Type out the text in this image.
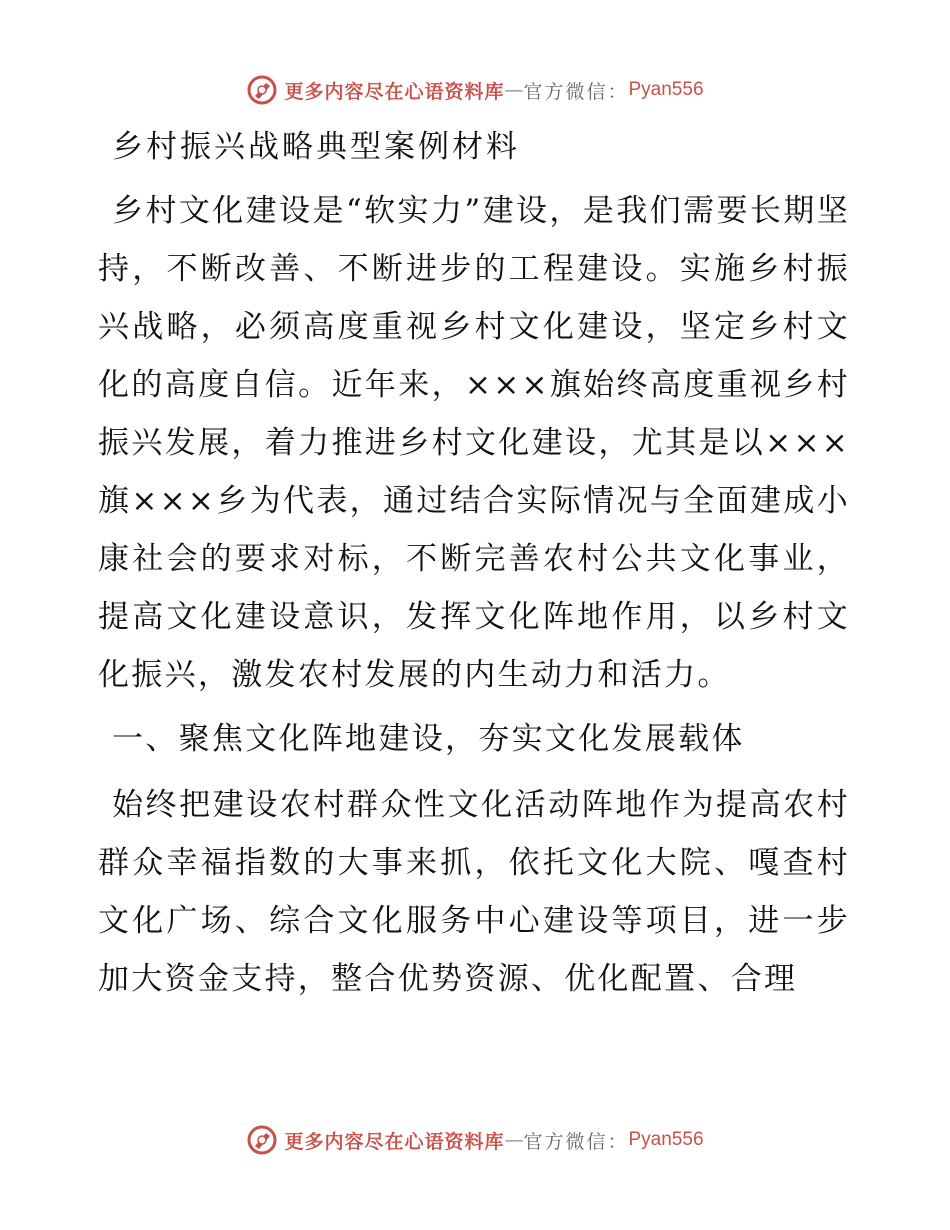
更多内容尽在心语资料库 — 官方微信： Pyan556
乡村振兴战略典型案例材料

乡村文化建设是“软实力”建设，是我们需要长期坚持，不断改善、不断进步的工程建设。实施乡村振兴战略，必须高度重视乡村文化建设，坚定乡村文化的高度自信。近年来，×××旗始终高度重视乡村振兴发展，着力推进乡村文化建设，尤其是以×××旗×××乡为代表，通过结合实际情况与全面建成小康社会的要求对标，不断完善农村公共文化事业，提高文化建设意识，发挥文化阵地作用，以乡村文化振兴，激发农村发展的内生动力和活力。

一、聚焦文化阵地建设，夯实文化发展载体

始终把建设农村群众性文化活动阵地作为提高农村群众幸福指数的大事来抓，依托文化大院、嘎查村文化广场、综合文化服务中心建设等项目，进一步加大资金支持，整合优势资源、优化配置、合理

更多内容尽在心语资料库 — 官方微信： Pyan556
